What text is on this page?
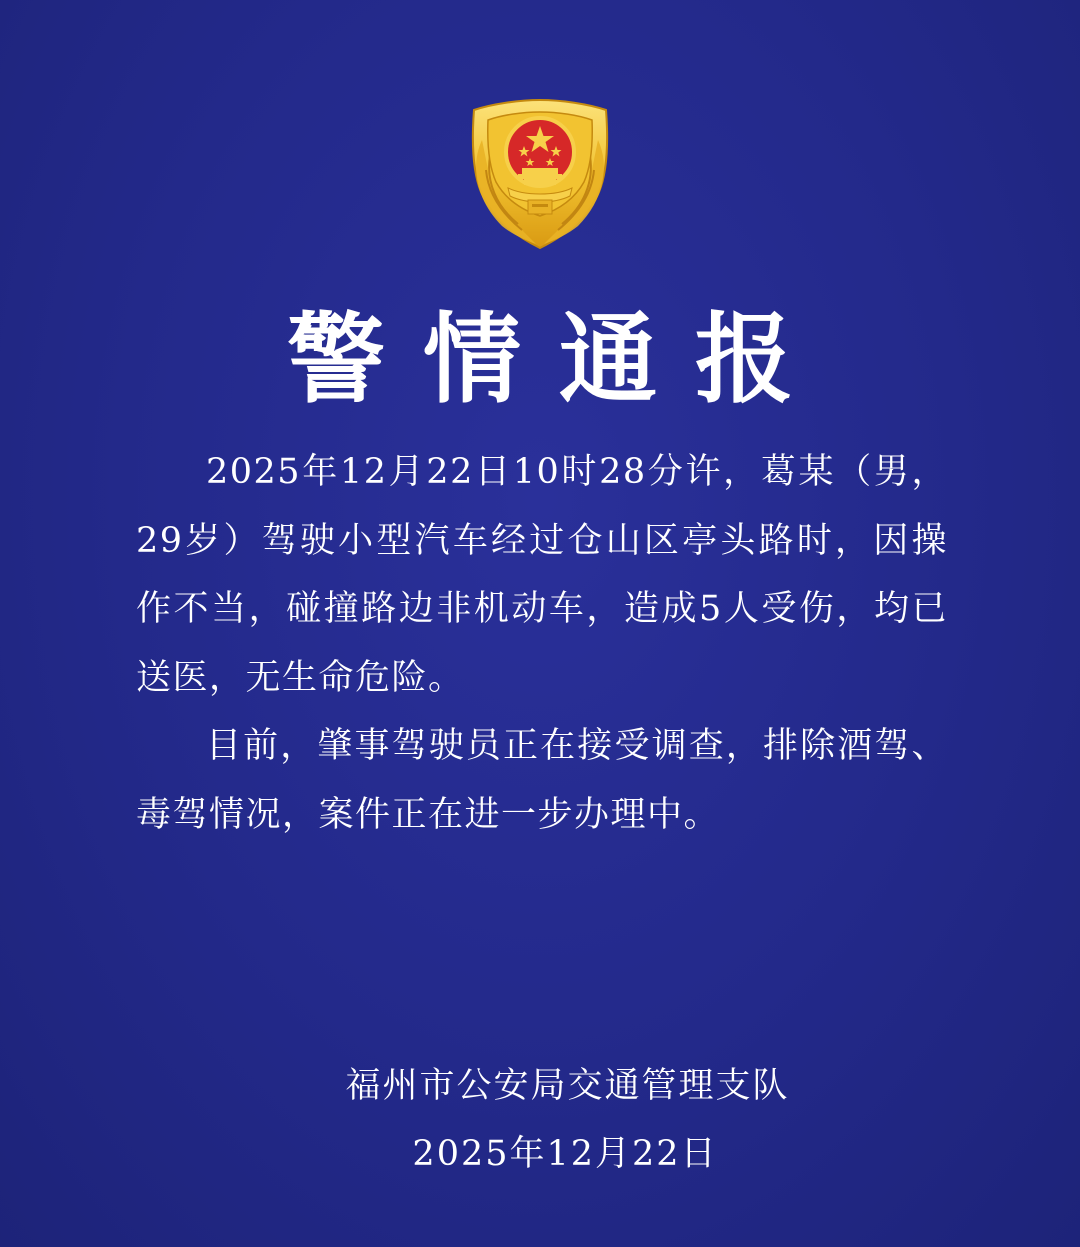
警情通报

2025年12月22日10时28分许，葛某（男，29岁）驾驶小型汽车经过仓山区亭头路时，因操作不当，碰撞路边非机动车，造成5人受伤，均已送医，无生命危险。

目前，肇事驾驶员正在接受调查，排除酒驾、毒驾情况，案件正在进一步办理中。

福州市公安局交通管理支队
2025年12月22日
